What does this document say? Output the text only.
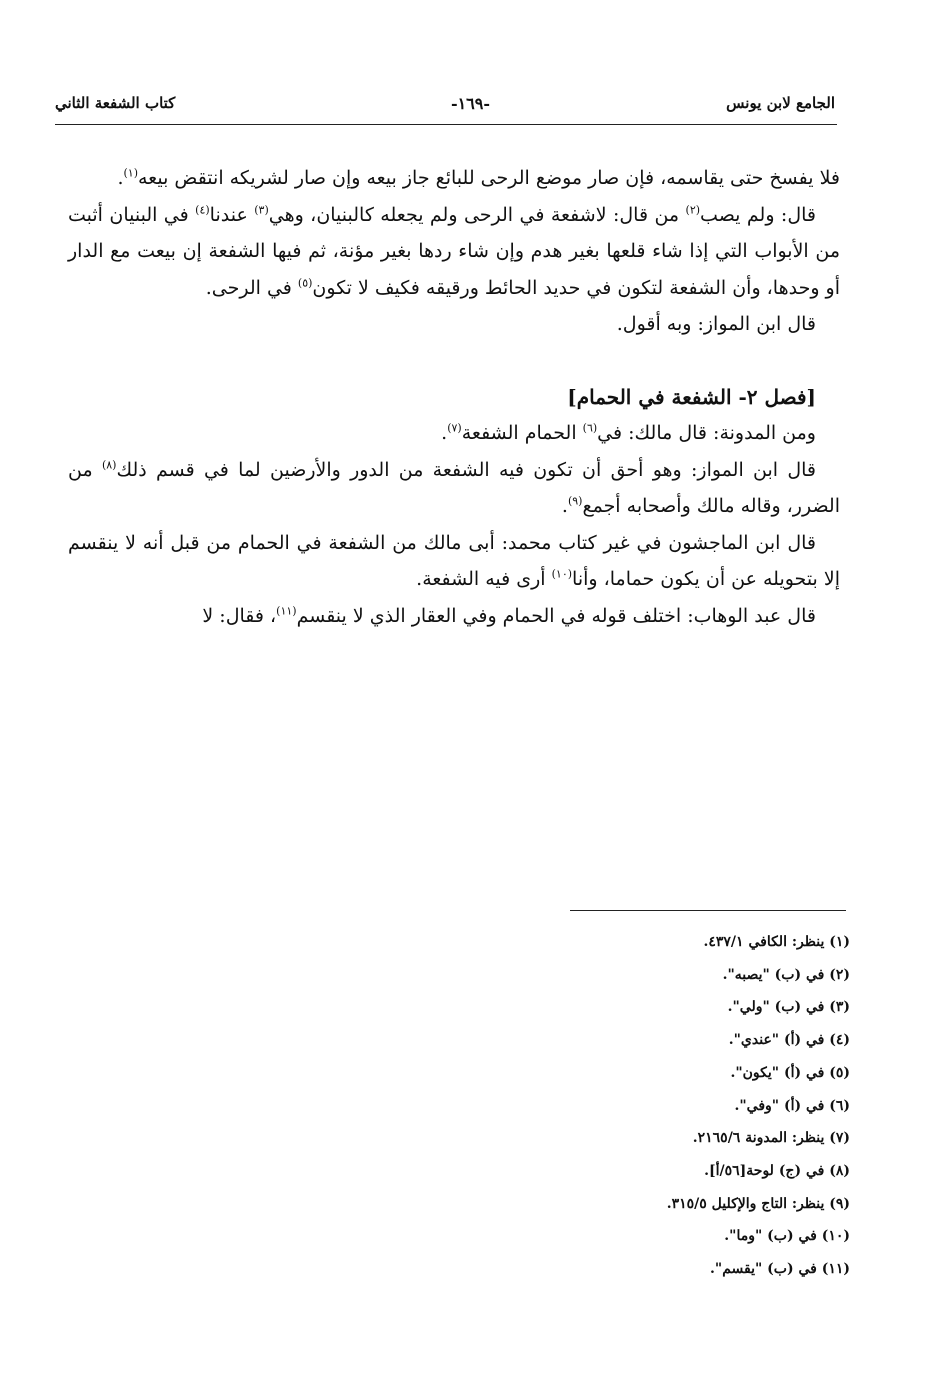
الجامع لابن يونس
-١٦٩-
كتاب الشفعة الثاني

فلا يفسخ حتى يقاسمه، فإن صار موضع الرحى للبائع جاز بيعه وإن صار لشريكه انتقض بيعه$^{(١)}$.

قال: ولم يصب$^{(٢)}$ من قال: لاشفعة في الرحى ولم يجعله كالبنيان، وهي$^{(٣)}$ عندنا$^{(٤)}$ في البنيان أثبت من الأبواب التي إذا شاء قلعها بغير هدم وإن شاء ردها بغير مؤنة، ثم فيها الشفعة إن بيعت مع الدار أو وحدها، وأن الشفعة لتكون في حديد الحائط ورقيقه فكيف لا تكون$^{(٥)}$ في الرحى.

قال ابن المواز: وبه أقول.

[فصل ٢- الشفعة في الحمام]

ومن المدونة: قال مالك: في$^{(٦)}$ الحمام الشفعة$^{(٧)}$.

قال ابن المواز: وهو أحق أن تكون فيه الشفعة من الدور والأرضين لما في قسم ذلك$^{(٨)}$ من الضرر، وقاله مالك وأصحابه أجمع$^{(٩)}$.

قال ابن الماجشون في غير كتاب محمد: أبى مالك من الشفعة في الحمام من قبل أنه لا ينقسم إلا بتحويله عن أن يكون حماما، وأنا$^{(١٠)}$ أرى فيه الشفعة.

قال عبد الوهاب: اختلف قوله في الحمام وفي العقار الذي لا ينقسم$^{(١١)}$، فقال: لا

(١) ينظر: الكافي ٤٣٧/١.
(٢) في (ب) "يصبه".
(٣) في (ب) "ولي".
(٤) في (أ) "عندي".
(٥) في (أ) "يكون".
(٦) في (أ) "وفي".
(٧) ينظر: المدونة ٢١٦٥/٦.
(٨) في (ج) لوحة[٥٦/أ].
(٩) ينظر: التاج والإكليل ٣١٥/٥.
(١٠) في (ب) "وما".
(١١) في (ب) "يقسم".
